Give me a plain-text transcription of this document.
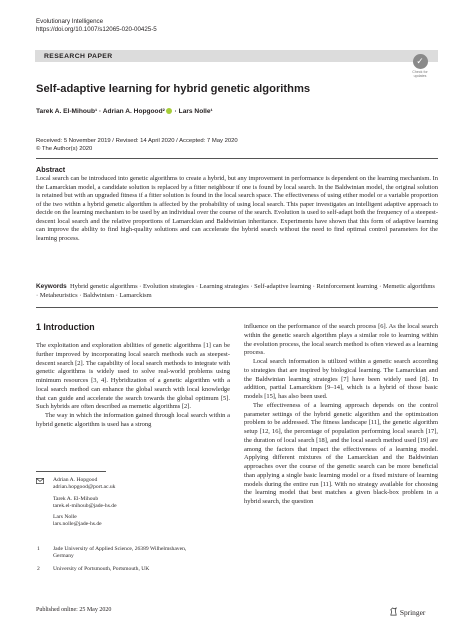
Evolutionary Intelligence
https://doi.org/10.1007/s12065-020-00425-5
RESEARCH PAPER	✓
Check for updates
Self-adaptive learning for hybrid genetic algorithms
Tarek A. El-Mihoub¹ · Adrian A. Hopgood² · Lars Nolle¹
Received: 5 November 2019 / Revised: 14 April 2020 / Accepted: 7 May 2020
© The Author(s) 2020
Abstract
Local search can be introduced into genetic algorithms to create a hybrid, but any improvement in performance is dependent on the learning mechanism. In the Lamarckian model, a candidate solution is replaced by a fitter neighbour if one is found by local search. In the Baldwinian model, the original solution is retained but with an upgraded fitness if a fitter solution is found in the local search space. The effectiveness of using either model or a variable proportion of the two within a hybrid genetic algorithm is affected by the probability of using local search. This paper investigates an intelligent adaptive approach to decide on the learning mechanism to be used by an individual over the course of the search. Evolution is used to self-adapt both the frequency of a steepest-descent local search and the relative proportions of Lamarckian and Baldwinian inheritance. Experiments have shown that this form of adaptive learning can improve the ability to find high-quality solutions and can accelerate the hybrid search without the need to find optimal control parameters for the learning process.
Keywords Hybrid genetic algorithms · Evolution strategies · Learning strategies · Self-adaptive learning · Reinforcement learning · Memetic algorithms · Metaheuristics · Baldwinism · Lamarckism
1 Introduction

The exploitation and exploration abilities of genetic algorithms [1] can be further improved by incorporating local search methods such as steepest-descent search [2]. The capability of local search methods to integrate with genetic algorithms is widely used to solve real-world problems using minimum resources [3, 4]. Hybridization of a genetic algorithm with a local search method can enhance the global search with local knowledge that can guide and accelerate the search towards the global optimum [5]. Such hybrids are often described as memetic algorithms [2].

The way in which the information gained through local search within a hybrid genetic algorithm is used has a strong

influence on the performance of the search process [6]. As the local search within the genetic search algorithm plays a similar role to learning within the evolution process, the local search method is often viewed as a learning process.

Local search information is utilized within a genetic search according to strategies that are inspired by biological learning. The Lamarckian and the Baldwinian learning strategies [7] have been widely used [8]. In addition, partial Lamarckism [9–14], which is a hybrid of those basic models [15], has also been used.

The effectiveness of a learning approach depends on the control parameter settings of the hybrid genetic algorithm and the optimization problem to be addressed. The fitness landscape [11], the genetic algorithm setup [12, 16], the percentage of population performing local search [17], the duration of local search [18], and the local search method used [19] are among the factors that impact the effectiveness of a learning model. Applying different mixtures of the Lamarckian and the Baldwinian approaches over the course of the genetic search can be more beneficial than applying a single basic learning model or a fixed mixture of learning models during the entire run [11]. With no strategy available for choosing the learning model that best matches a given black-box problem in a hybrid search, the question

Adrian A. Hopgood
adrian.hopgood@port.ac.uk
Tarek A. El-Mihoub
tarek.el-mihoub@jade-hs.de
Lars Nolle
lars.nolle@jade-hs.de
1 Jade University of Applied Science, 26389 Wilhelmshaven,
Germany
2 University of Portsmouth, Portsmouth, UK
Published online: 25 May 2020	Springer
